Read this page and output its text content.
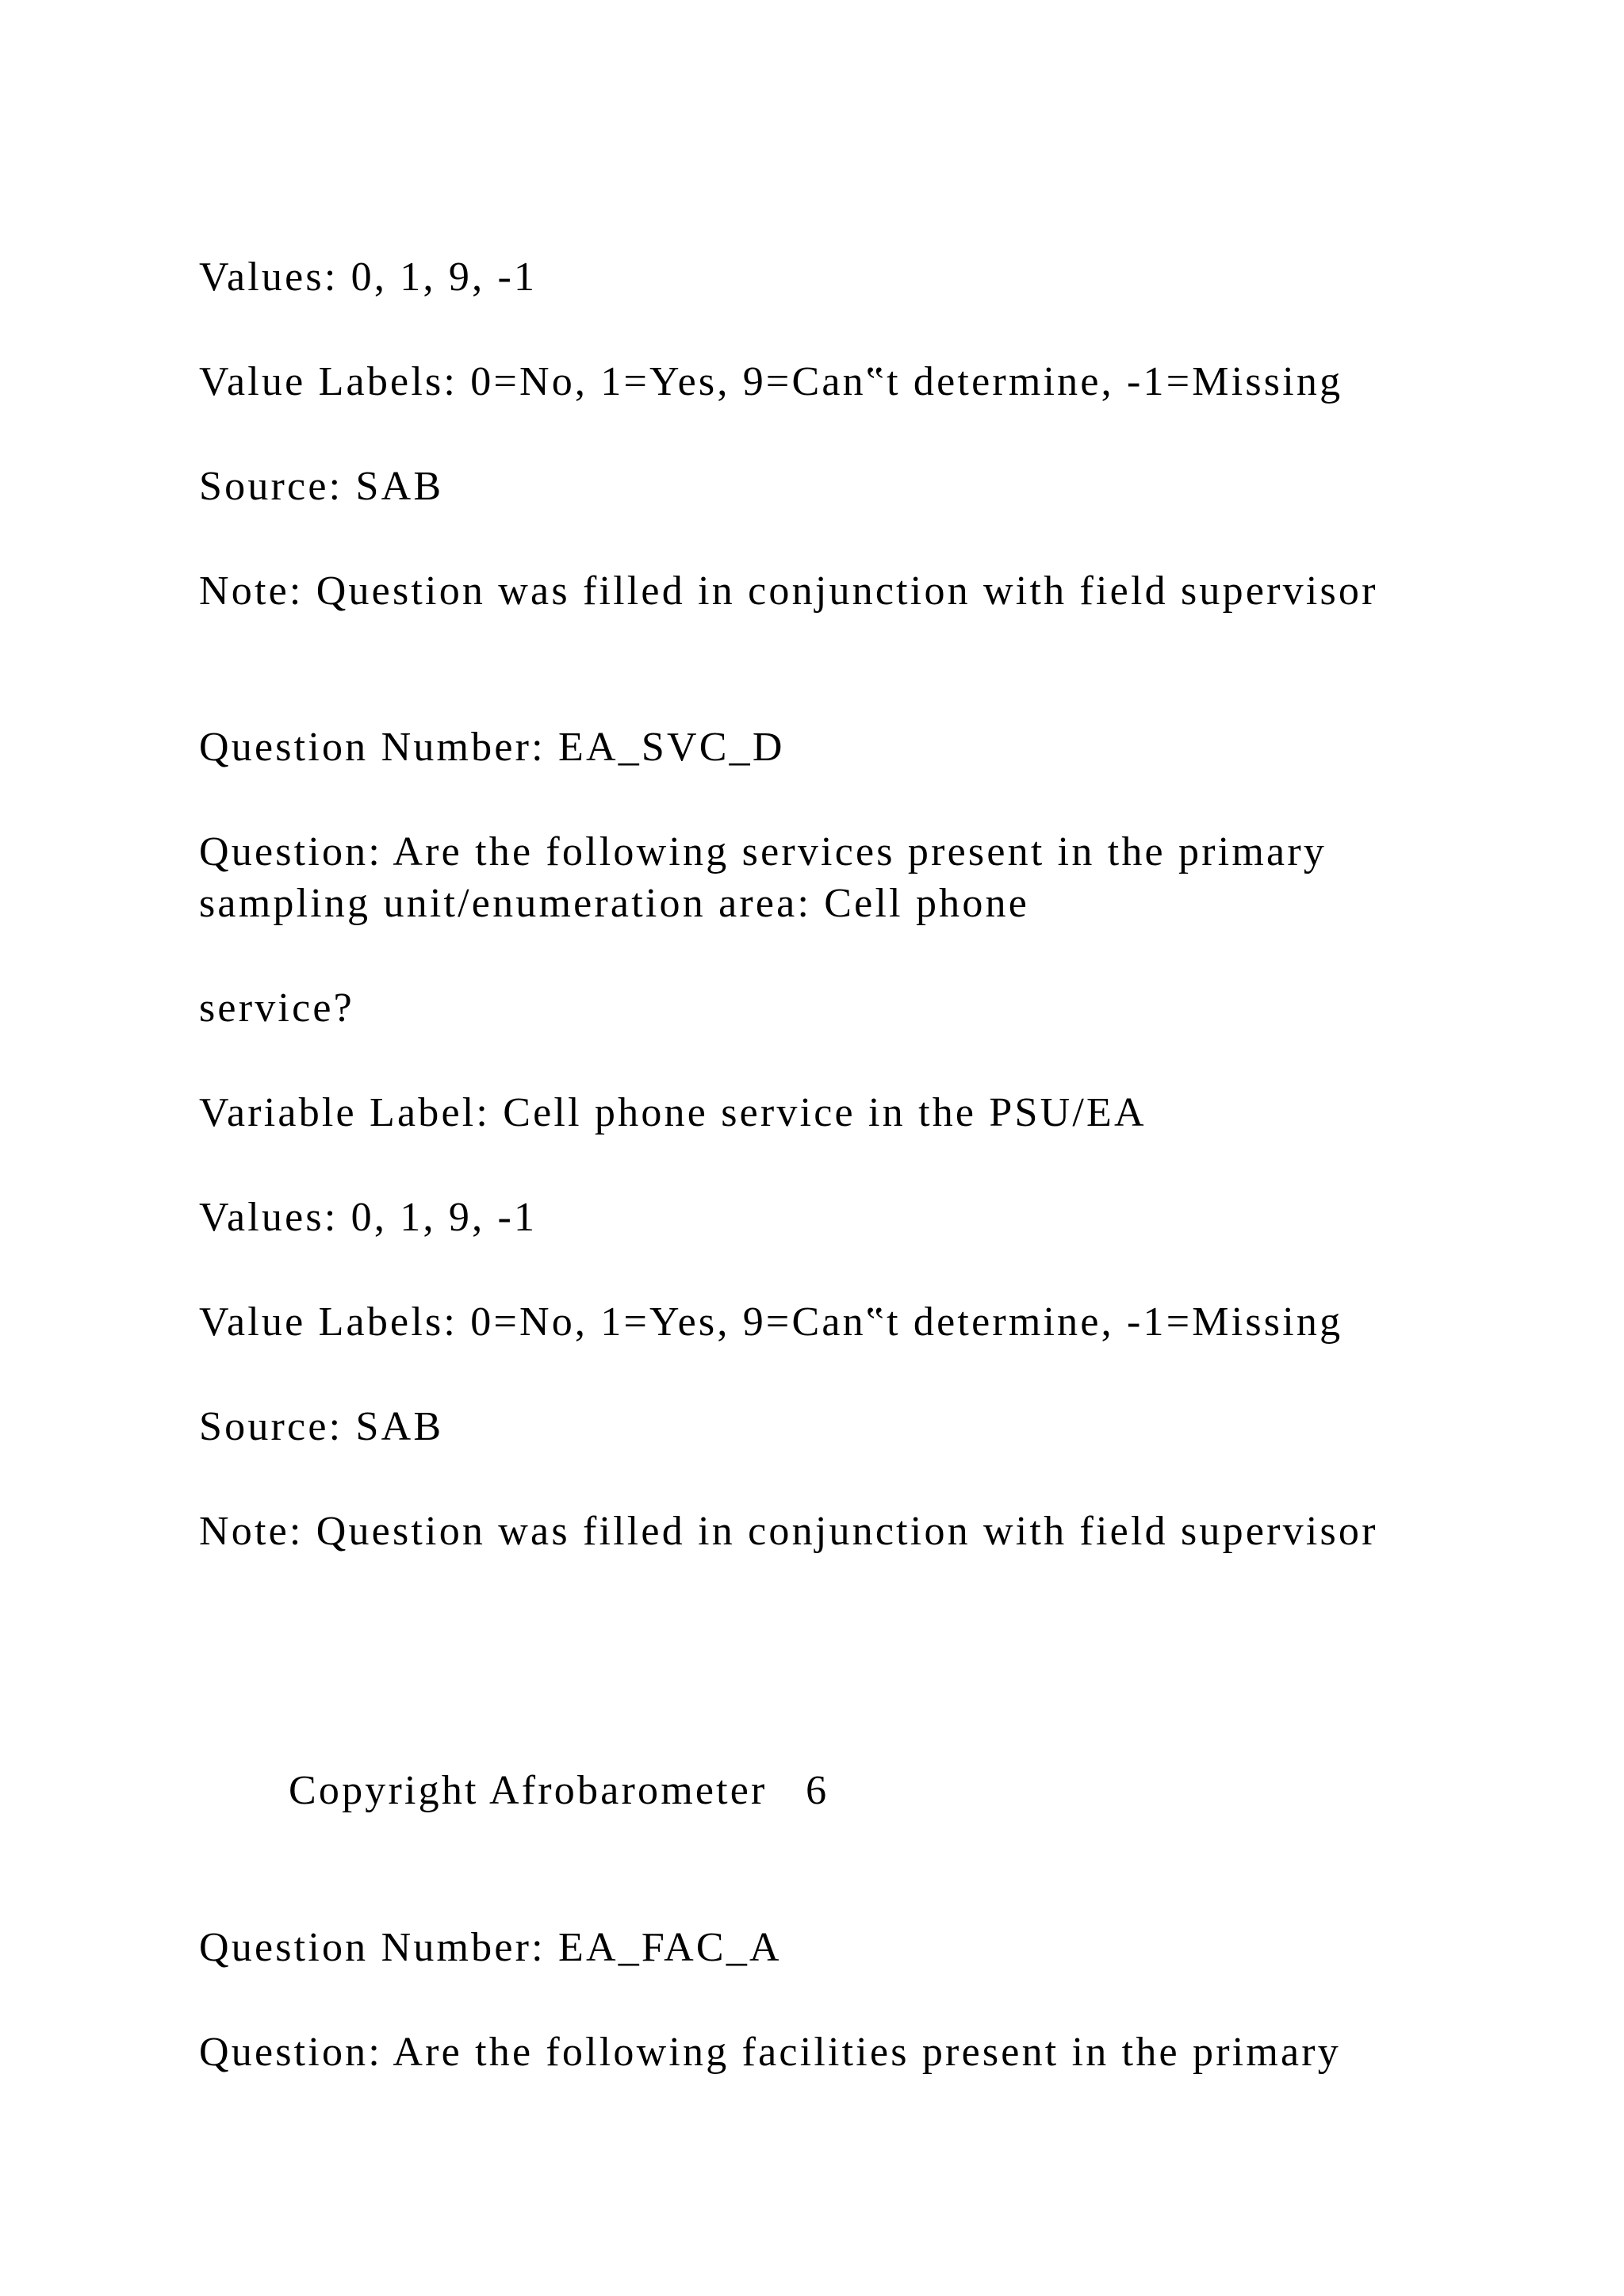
Values: 0, 1, 9, -1

Value Labels: 0=No, 1=Yes, 9=Can‟t determine, -1=Missing

Source: SAB

Note: Question was filled in conjunction with field supervisor

Question Number: EA_SVC_D

Question: Are the following services present in the primary

sampling unit/enumeration area: Cell phone

service?

Variable Label: Cell phone service in the PSU/EA

Values: 0, 1, 9, -1

Value Labels: 0=No, 1=Yes, 9=Can‟t determine, -1=Missing

Source: SAB

Note: Question was filled in conjunction with field supervisor

Copyright Afrobarometer   6

Question Number: EA_FAC_A

Question: Are the following facilities present in the primary
